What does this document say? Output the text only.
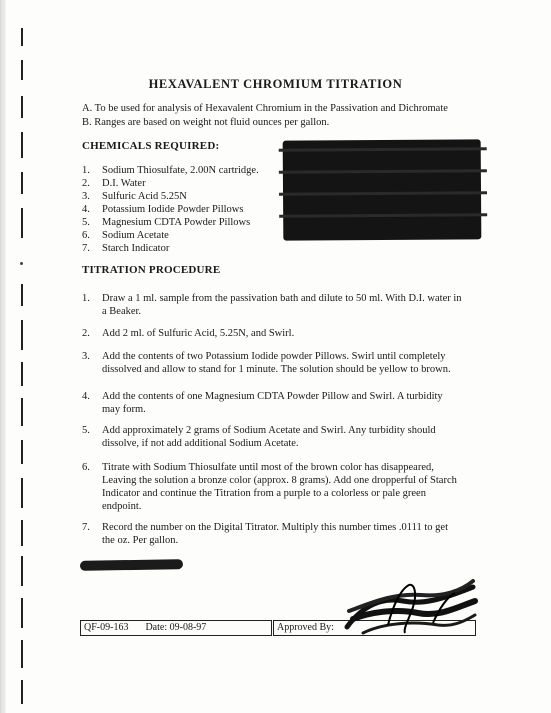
HEXAVALENT CHROMIUM TITRATION
A. To be used for analysis of Hexavalent Chromium in the Passivation and Dichromate
B. Ranges are based on weight not fluid ounces per gallon.
CHEMICALS REQUIRED:
1. Sodium Thiosulfate, 2.00N cartridge.
2. D.I. Water
3. Sulfuric Acid 5.25N
4. Potassium Iodide Powder Pillows
5. Magnesium CDTA Powder Pillows
6. Sodium Acetate
7. Starch Indicator
TITRATION PROCEDURE
1. Draw a 1 ml. sample from the passivation bath and dilute to 50 ml. With D.I. water in a Beaker.
2. Add 2 ml. of Sulfuric Acid, 5.25N, and Swirl.
3. Add the contents of two Potassium Iodide powder Pillows. Swirl until completely dissolved and allow to stand for 1 minute. The solution should be yellow to brown.
4. Add the contents of one Magnesium CDTA Powder Pillow and Swirl. A turbidity may form.
5. Add approximately 2 grams of Sodium Acetate and Swirl. Any turbidity should dissolve, if not add additional Sodium Acetate.
6. Titrate with Sodium Thiosulfate until most of the brown color has disappeared, Leaving the solution a bronze color (approx. 8 grams). Add one dropperful of Starch Indicator and continue the Titration from a purple to a colorless or pale green endpoint.
7. Record the number on the Digital Titrator. Multiply this number times .0111 to get the oz. Per gallon.
QF-09-163 Date: 09-08-97	Approved By:
